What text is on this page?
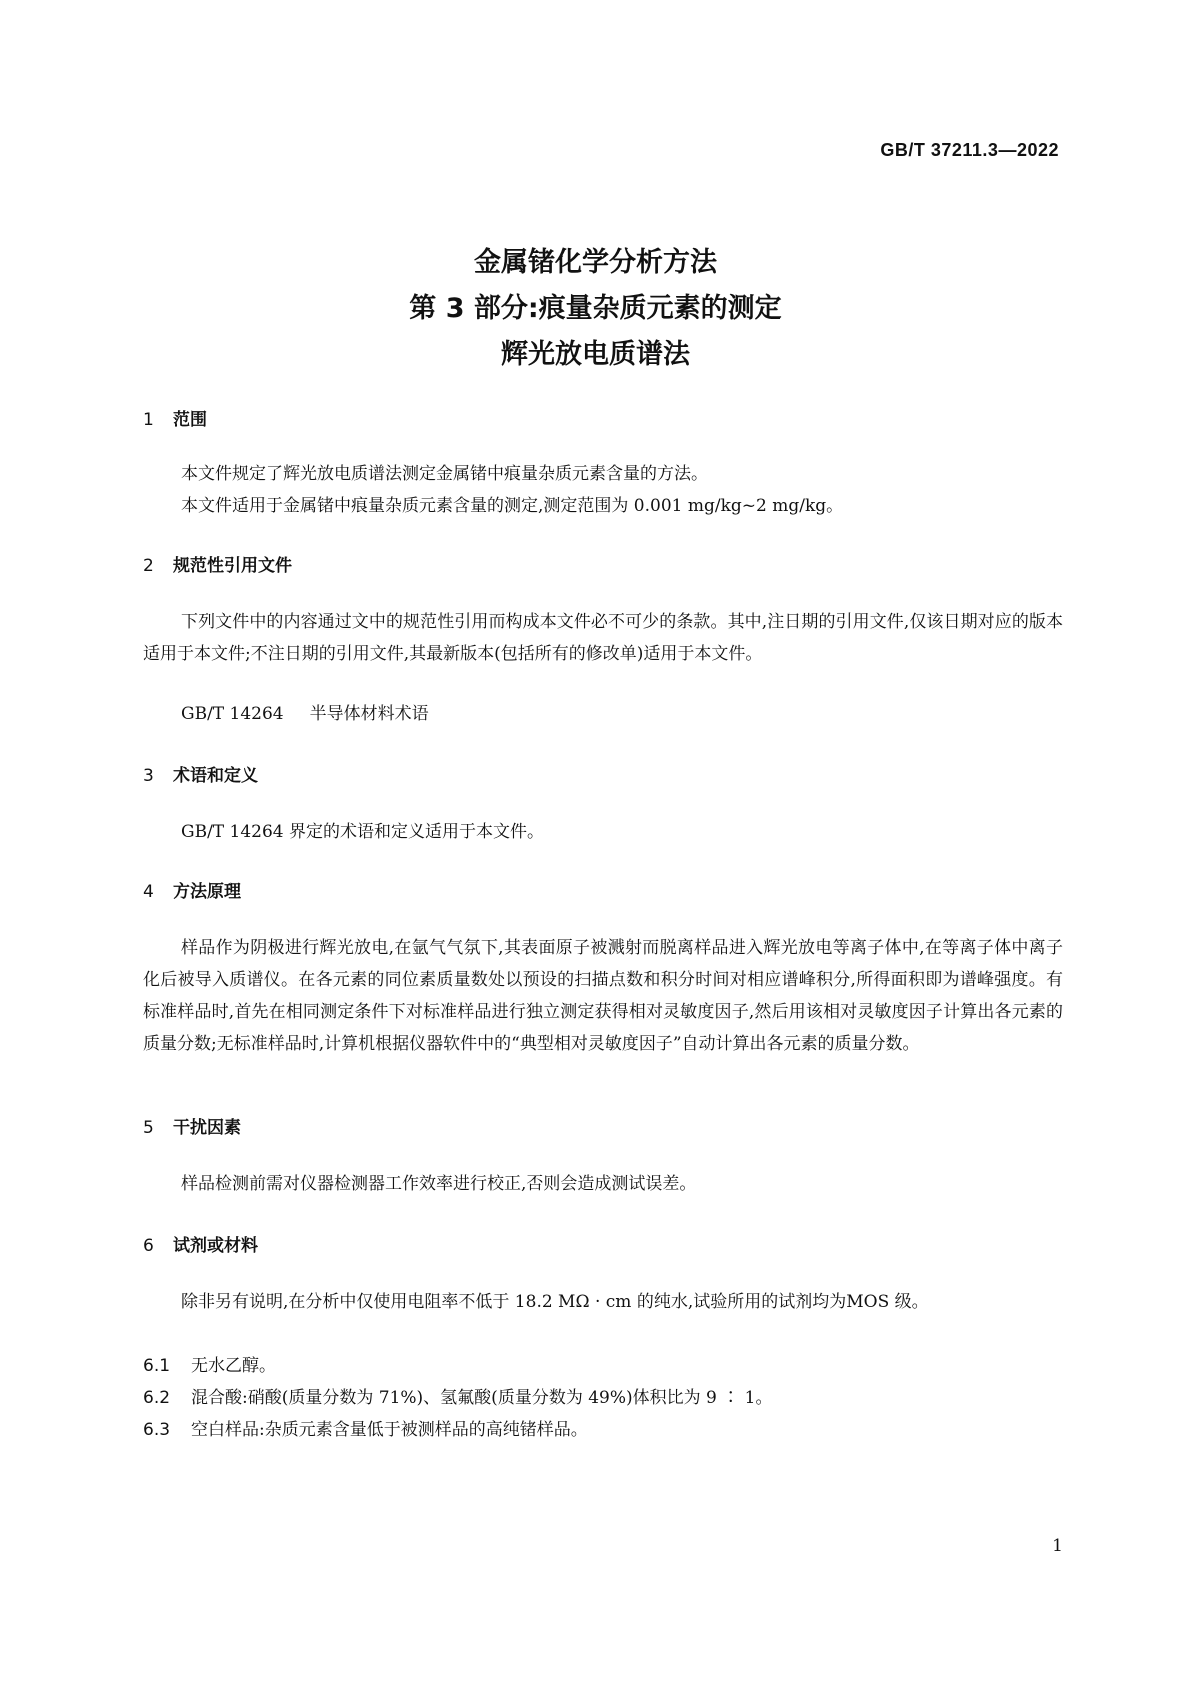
GB/T 37211.3—2022
金属锗化学分析方法
第 3 部分:痕量杂质元素的测定
辉光放电质谱法
1 范围
本文件规定了辉光放电质谱法测定金属锗中痕量杂质元素含量的方法。
本文件适用于金属锗中痕量杂质元素含量的测定,测定范围为 0.001 mg/kg~2 mg/kg。
2 规范性引用文件
下列文件中的内容通过文中的规范性引用而构成本文件必不可少的条款。其中,注日期的引用文件,仅该日期对应的版本适用于本文件;不注日期的引用文件,其最新版本(包括所有的修改单)适用于本文件。
GB/T 14264 半导体材料术语
3 术语和定义
GB/T 14264 界定的术语和定义适用于本文件。
4 方法原理
样品作为阴极进行辉光放电,在氩气气氛下,其表面原子被溅射而脱离样品进入辉光放电等离子体中,在等离子体中离子化后被导入质谱仪。在各元素的同位素质量数处以预设的扫描点数和积分时间对相应谱峰积分,所得面积即为谱峰强度。有标准样品时,首先在相同测定条件下对标准样品进行独立测定获得相对灵敏度因子,然后用该相对灵敏度因子计算出各元素的质量分数;无标准样品时,计算机根据仪器软件中的“典型相对灵敏度因子”自动计算出各元素的质量分数。
5 干扰因素
样品检测前需对仪器检测器工作效率进行校正,否则会造成测试误差。
6 试剂或材料
除非另有说明,在分析中仅使用电阻率不低于 18.2 MΩ · cm 的纯水,试验所用的试剂均为MOS 级。
6.1 无水乙醇。
6.2 混合酸:硝酸(质量分数为 71%)、氢氟酸(质量分数为 49%)体积比为 9 ∶ 1。
6.3 空白样品:杂质元素含量低于被测样品的高纯锗样品。
1
